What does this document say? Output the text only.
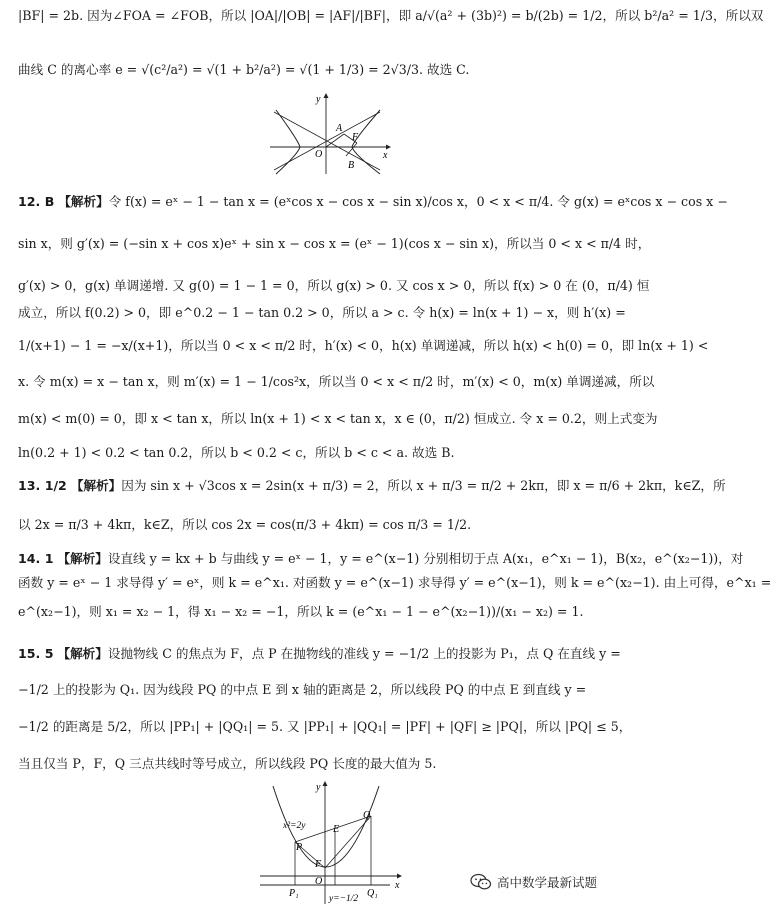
|BF| = 2b. 因为∠FOA = ∠FOB，所以 |OA|/|OB| = |AF|/|BF|，即 a/√(a² + (3b)²) = b/(2b) = 1/2，所以 b²/a² = 1/3，所以双
曲线 C 的离心率 e = √(c²/a²) = √(1 + b²/a²) = √(1 + 1/3) = 2√3/3. 故选 C.
y
x
O
A
F
B
12. B 【解析】令 f(x) = eˣ − 1 − tan x = (eˣcos x − cos x − sin x)/cos x，0 < x < π/4. 令 g(x) = eˣcos x − cos x −
sin x，则 g′(x) = (−sin x + cos x)eˣ + sin x − cos x = (eˣ − 1)(cos x − sin x)，所以当 0 < x < π/4 时，
g′(x) > 0，g(x) 单调递增. 又 g(0) = 1 − 1 = 0，所以 g(x) > 0. 又 cos x > 0，所以 f(x) > 0 在 (0，π/4) 恒
成立，所以 f(0.2) > 0，即 e^0.2 − 1 − tan 0.2 > 0，所以 a > c. 令 h(x) = ln(x + 1) − x，则 h′(x) =
1/(x+1) − 1 = −x/(x+1)，所以当 0 < x < π/2 时，h′(x) < 0，h(x) 单调递减，所以 h(x) < h(0) = 0，即 ln(x + 1) <
x. 令 m(x) = x − tan x，则 m′(x) = 1 − 1/cos²x，所以当 0 < x < π/2 时，m′(x) < 0，m(x) 单调递减，所以
m(x) < m(0) = 0，即 x < tan x，所以 ln(x + 1) < x < tan x，x ∈ (0，π/2) 恒成立. 令 x = 0.2，则上式变为
ln(0.2 + 1) < 0.2 < tan 0.2，所以 b < 0.2 < c，所以 b < c < a. 故选 B.
13. 1/2 【解析】因为 sin x + √3cos x = 2sin(x + π/3) = 2，所以 x + π/3 = π/2 + 2kπ，即 x = π/6 + 2kπ，k∈Z，所
以 2x = π/3 + 4kπ，k∈Z，所以 cos 2x = cos(π/3 + 4kπ) = cos π/3 = 1/2.
14. 1 【解析】设直线 y = kx + b 与曲线 y = eˣ − 1，y = e^(x−1) 分别相切于点 A(x₁，e^x₁ − 1)，B(x₂，e^(x₂−1))，对
函数 y = eˣ − 1 求导得 y′ = eˣ，则 k = e^x₁. 对函数 y = e^(x−1) 求导得 y′ = e^(x−1)，则 k = e^(x₂−1). 由上可得，e^x₁ =
e^(x₂−1)，则 x₁ = x₂ − 1，得 x₁ − x₂ = −1，所以 k = (e^x₁ − 1 − e^(x₂−1))/(x₁ − x₂) = 1.
15. 5 【解析】设抛物线 C 的焦点为 F，点 P 在抛物线的准线 y = −1/2 上的投影为 P₁，点 Q 在直线 y =
−1/2 上的投影为 Q₁. 因为线段 PQ 的中点 E 到 x 轴的距离是 2，所以线段 PQ 的中点 E 到直线 y =
−1/2 的距离是 5/2，所以 |PP₁| + |QQ₁| = 5. 又 |PP₁| + |QQ₁| = |PF| + |QF| ≥ |PQ|，所以 |PQ| ≤ 5，
当且仅当 P，F，Q 三点共线时等号成立，所以线段 PQ 长度的最大值为 5.
y
x
x²=2y
P
E
Q
F
O
P₁	Q₁
y=−1/2
高中数学最新试题
